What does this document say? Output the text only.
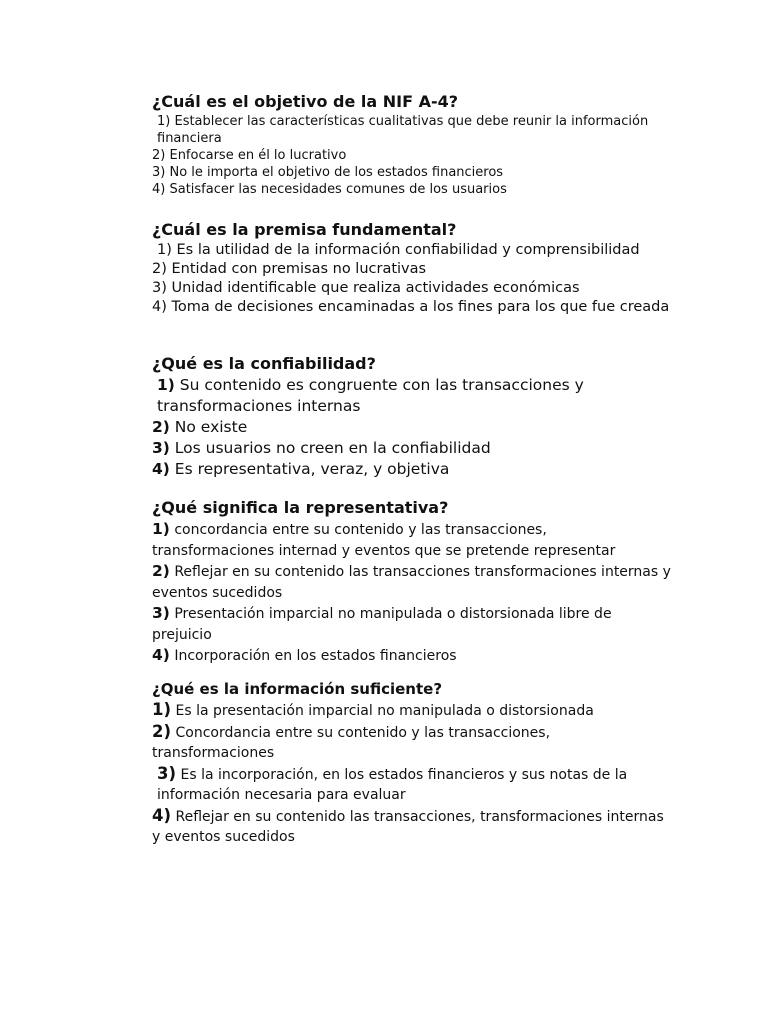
¿Cuál es el objetivo de la NIF A-4?
1) Establecer las características cualitativas que debe reunir la información financiera
2) Enfocarse en él lo lucrativo
3) No le importa el objetivo de los estados financieros
4) Satisfacer las necesidades comunes de los usuarios
¿Cuál es la premisa fundamental?
1) Es la utilidad de la información confiabilidad y comprensibilidad
2) Entidad con premisas no lucrativas
3) Unidad identificable que realiza actividades económicas
4) Toma de decisiones encaminadas a los fines para los que fue creada
¿Qué es la confiabilidad?
1) Su contenido es congruente con las transacciones y transformaciones internas
2) No existe
3) Los usuarios no creen en la confiabilidad
4) Es representativa, veraz, y objetiva
¿Qué significa la representativa?
1) concordancia entre su contenido y las transacciones, transformaciones internad y eventos que se pretende representar
2) Reflejar en su contenido las transacciones transformaciones internas y eventos sucedidos
3) Presentación imparcial no manipulada o distorsionada libre de prejuicio
4) Incorporación en los estados financieros
¿Qué es la información suficiente?
1) Es la presentación imparcial no manipulada o distorsionada
2) Concordancia entre su contenido y las transacciones, transformaciones
3) Es la incorporación, en los estados financieros y sus notas de la información necesaria para evaluar
4) Reflejar en su contenido las transacciones, transformaciones internas y eventos sucedidos
